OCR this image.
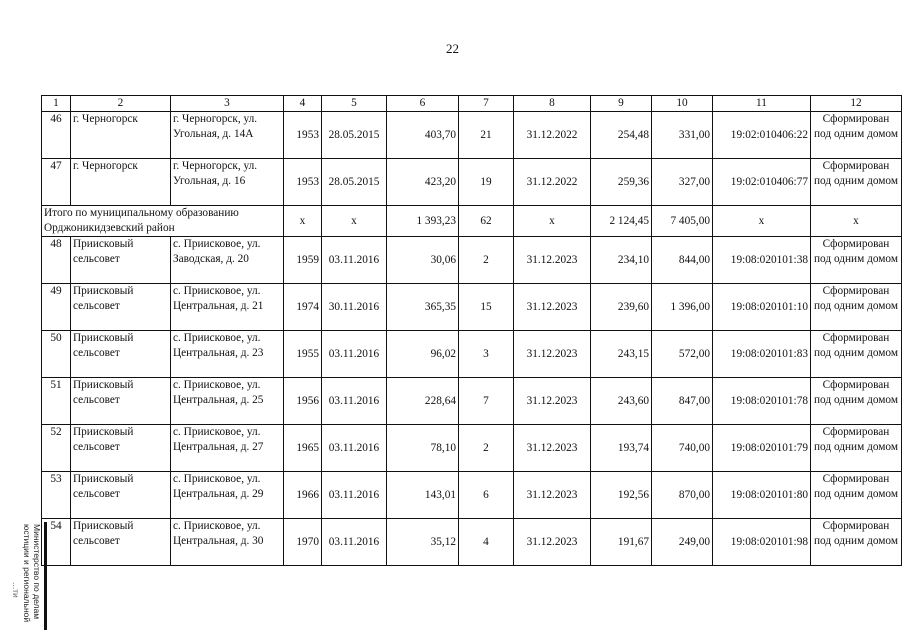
22
1	2	3	4	5	6	7	8	9	10	11	12
46	г. Черногорск	г. Черногорск, ул. Угольная, д. 14А	1953	28.05.2015	403,70	21	31.12.2022	254,48	331,00	19:02:010406:22	Сформирован под одним домом
47	г. Черногорск	г. Черногорск, ул. Угольная, д. 16	1953	28.05.2015	423,20	19	31.12.2022	259,36	327,00	19:02:010406:77	Сформирован под одним домом
Итого по муниципальному образованию Орджоникидзевский район			х	х	1 393,23	62	х	2 124,45	7 405,00	х	х
48	Приисковый сельсовет	с. Приисковое, ул. Заводская, д. 20	1959	03.11.2016	30,06	2	31.12.2023	234,10	844,00	19:08:020101:38	Сформирован под одним домом
49	Приисковый сельсовет	с. Приисковое, ул. Центральная, д. 21	1974	30.11.2016	365,35	15	31.12.2023	239,60	1 396,00	19:08:020101:10	Сформирован под одним домом
50	Приисковый сельсовет	с. Приисковое, ул. Центральная, д. 23	1955	03.11.2016	96,02	3	31.12.2023	243,15	572,00	19:08:020101:83	Сформирован под одним домом
51	Приисковый сельсовет	с. Приисковое, ул. Центральная, д. 25	1956	03.11.2016	228,64	7	31.12.2023	243,60	847,00	19:08:020101:78	Сформирован под одним домом
52	Приисковый сельсовет	с. Приисковое, ул. Центральная, д. 27	1965	03.11.2016	78,10	2	31.12.2023	193,74	740,00	19:08:020101:79	Сформирован под одним домом
53	Приисковый сельсовет	с. Приисковое, ул. Центральная, д. 29	1966	03.11.2016	143,01	6	31.12.2023	192,56	870,00	19:08:020101:80	Сформирован под одним домом
54	Приисковый сельсовет	с. Приисковое, ул. Центральная, д. 30	1970	03.11.2016	35,12	4	31.12.2023	191,67	249,00	19:08:020101:98	Сформирован под одним домом
Министерство по делам
юстиции и региональной
...ти
